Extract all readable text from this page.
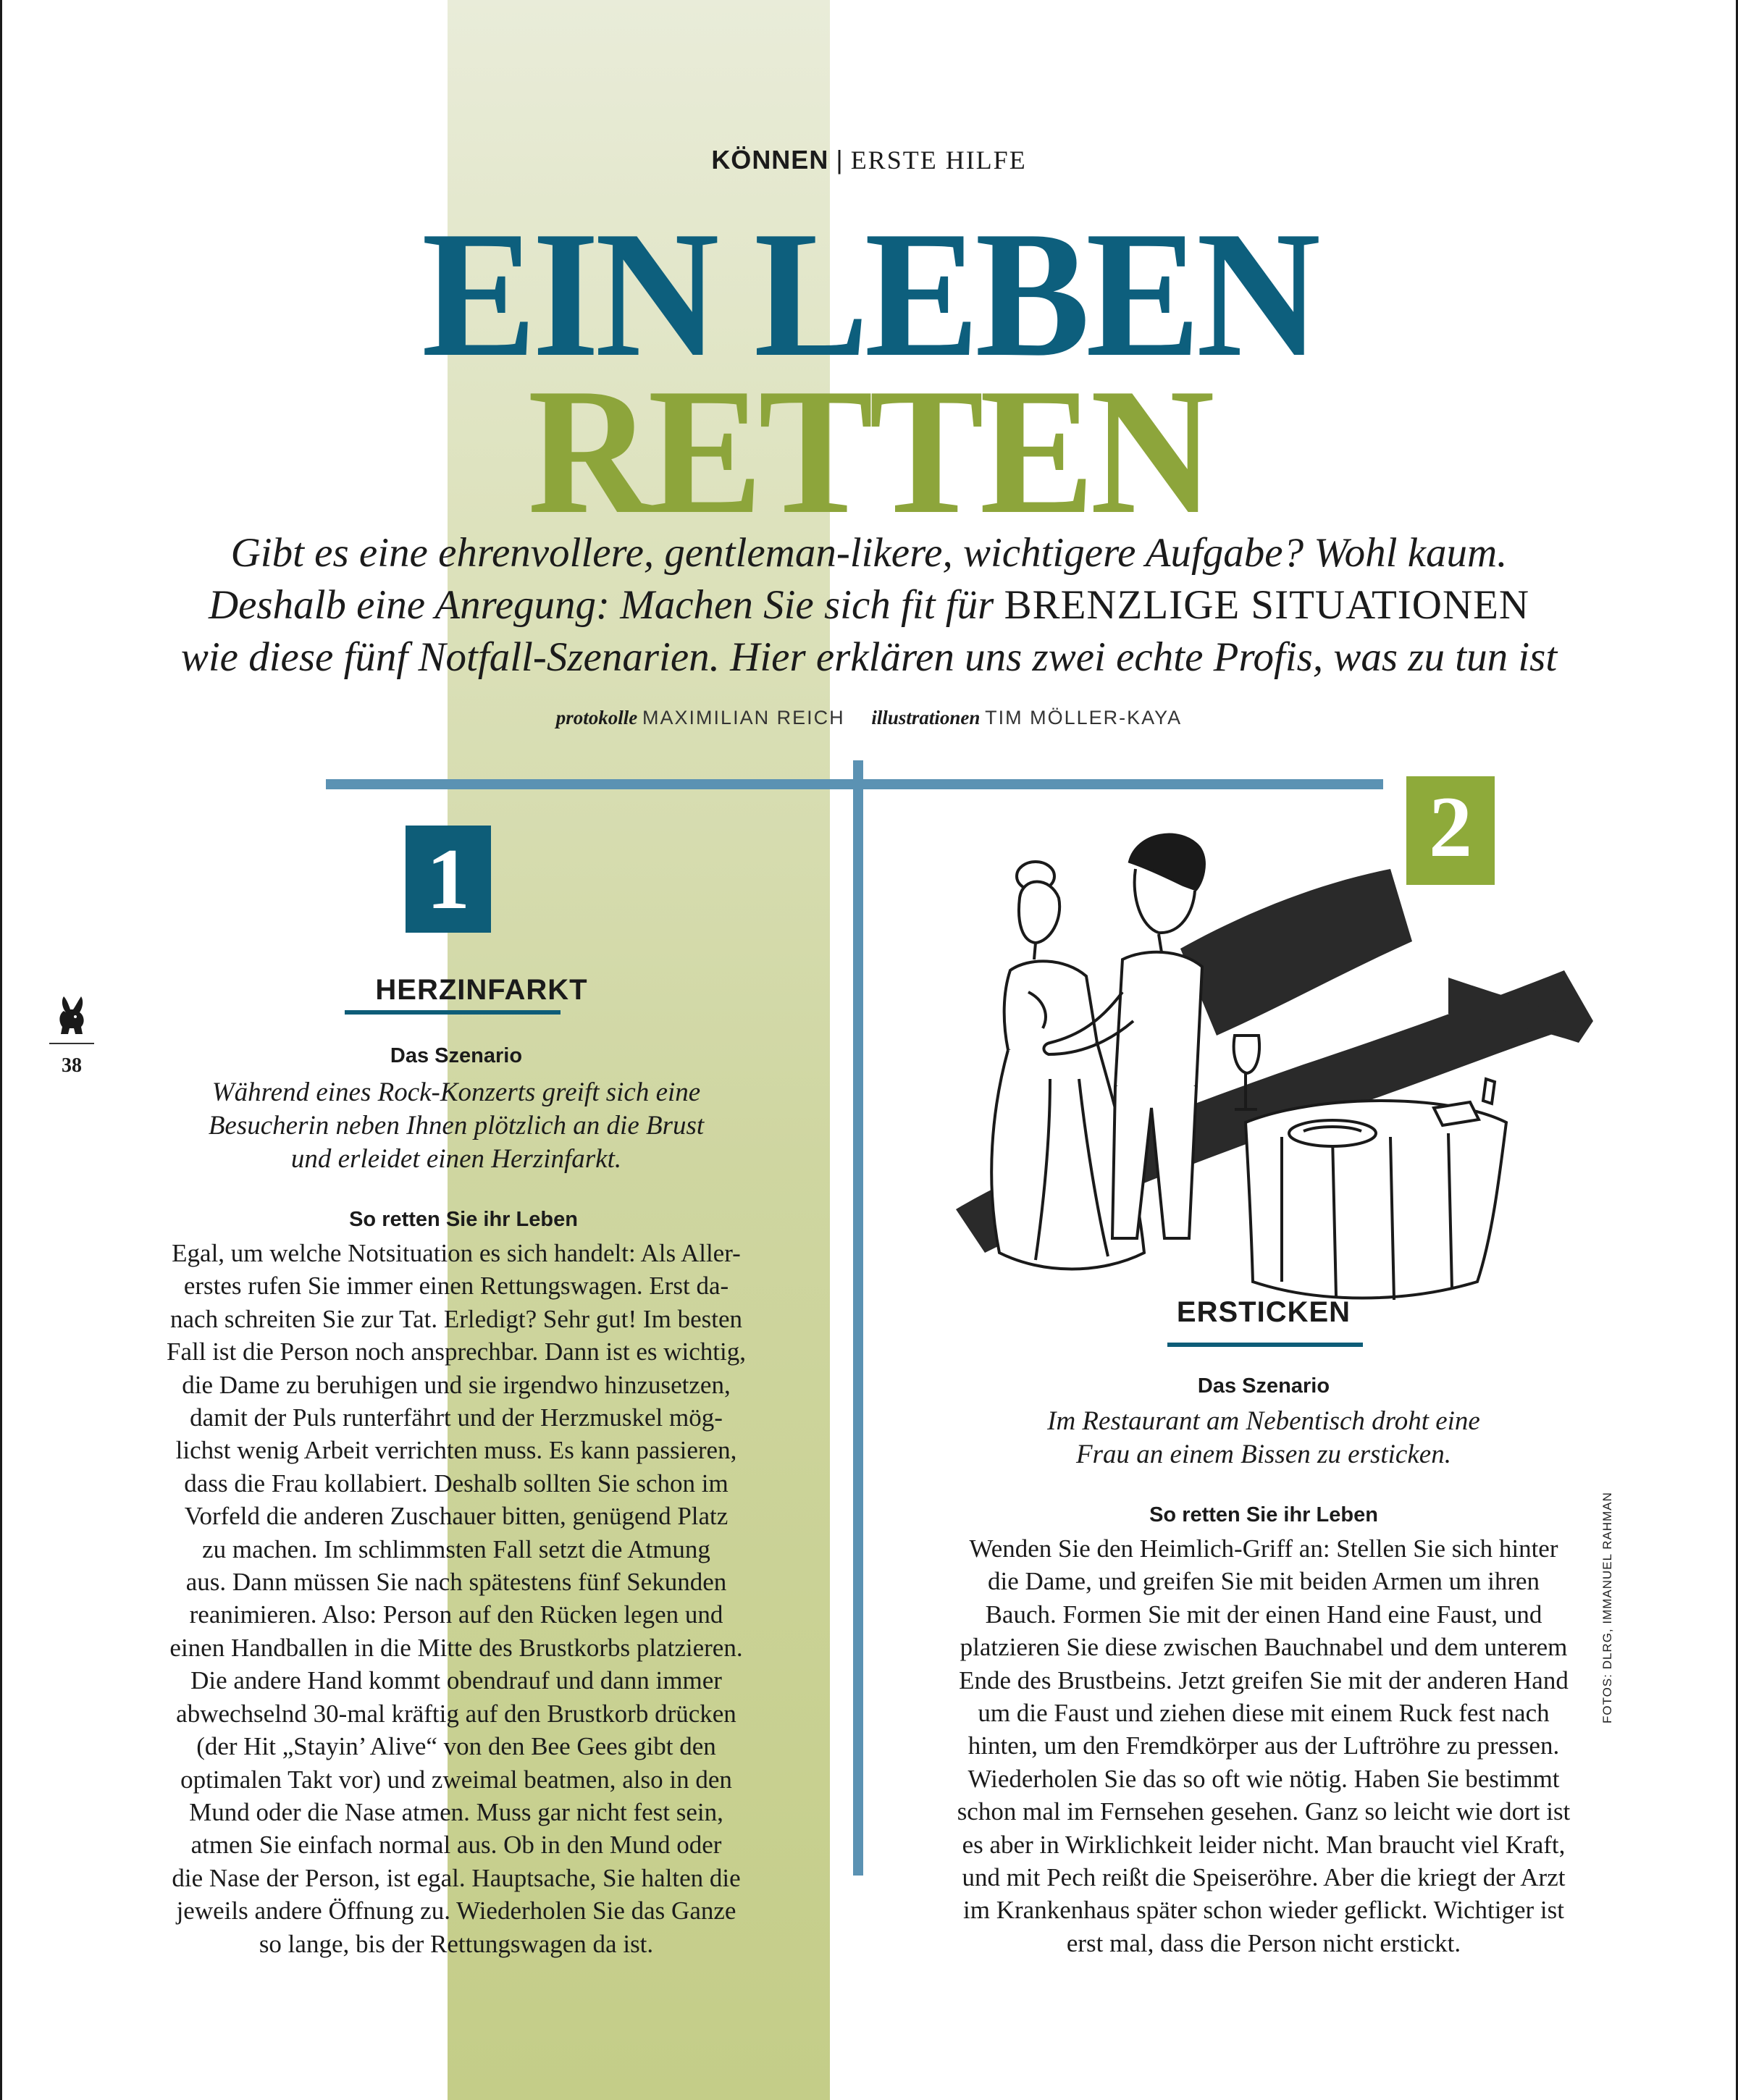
KÖNNEN | ERSTE HILFE
EIN LEBEN
RETTEN
Gibt es eine ehrenvollere, gentleman-likere, wichtigere Aufgabe? Wohl kaum.
Deshalb eine Anregung: Machen Sie sich fit für BRENZLIGE SITUATIONEN
wie diese fünf Notfall-Szenarien. Hier erklären uns zwei echte Profis, was zu tun ist
protokolle MAXIMILIAN REICH illustrationen TIM MÖLLER-KAYA
1
2
38
HERZINFARKT
Das Szenario
Während eines Rock-Konzerts greift sich eine
Besucherin neben Ihnen plötzlich an die Brust
und erleidet einen Herzinfarkt.
So retten Sie ihr Leben
Egal, um welche Notsituation es sich handelt: Als Aller-
erstes rufen Sie immer einen Rettungswagen. Erst da-
nach schreiten Sie zur Tat. Erledigt? Sehr gut! Im besten
Fall ist die Person noch ansprechbar. Dann ist es wichtig,
die Dame zu beruhigen und sie irgendwo hinzusetzen,
damit der Puls runterfährt und der Herzmuskel mög-
lichst wenig Arbeit verrichten muss. Es kann passieren,
dass die Frau kollabiert. Deshalb sollten Sie schon im
Vorfeld die anderen Zuschauer bitten, genügend Platz
zu machen. Im schlimmsten Fall setzt die Atmung
aus. Dann müssen Sie nach spätestens fünf Sekunden
reanimieren. Also: Person auf den Rücken legen und
einen Handballen in die Mitte des Brustkorbs platzieren.
Die andere Hand kommt obendrauf und dann immer
abwechselnd 30-mal kräftig auf den Brustkorb drücken
(der Hit „Stayin’ Alive“ von den Bee Gees gibt den
optimalen Takt vor) und zweimal beatmen, also in den
Mund oder die Nase atmen. Muss gar nicht fest sein,
atmen Sie einfach normal aus. Ob in den Mund oder
die Nase der Person, ist egal. Hauptsache, Sie halten die
jeweils andere Öffnung zu. Wiederholen Sie das Ganze
so lange, bis der Rettungswagen da ist.
ERSTICKEN
Das Szenario
Im Restaurant am Nebentisch droht eine
Frau an einem Bissen zu ersticken.
So retten Sie ihr Leben
Wenden Sie den Heimlich-Griff an: Stellen Sie sich hinter
die Dame, und greifen Sie mit beiden Armen um ihren
Bauch. Formen Sie mit der einen Hand eine Faust, und
platzieren Sie diese zwischen Bauchnabel und dem unterem
Ende des Brustbeins. Jetzt greifen Sie mit der anderen Hand
um die Faust und ziehen diese mit einem Ruck fest nach
hinten, um den Fremdkörper aus der Luftröhre zu pressen.
Wiederholen Sie das so oft wie nötig. Haben Sie bestimmt
schon mal im Fernsehen gesehen. Ganz so leicht wie dort ist
es aber in Wirklichkeit leider nicht. Man braucht viel Kraft,
und mit Pech reißt die Speiseröhre. Aber die kriegt der Arzt
im Krankenhaus später schon wieder geflickt. Wichtiger ist
erst mal, dass die Person nicht erstickt.
FOTOS: DLRG, IMMANUEL RAHMAN
